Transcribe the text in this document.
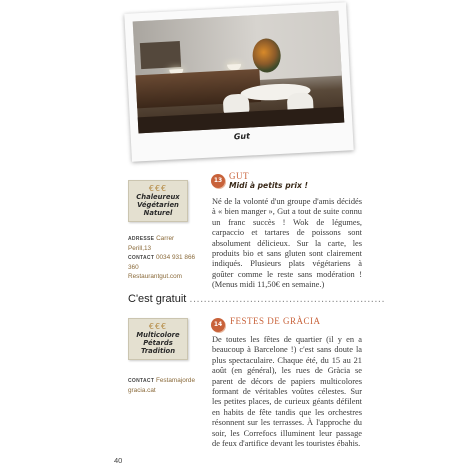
Gut
€€€
Chaleureux
Végétarien
Naturel
ADRESSE Carrer Perill,13
CONTACT 0034 931 866 360
Restaurantgut.com
13 GUT
Midi à petits prix !
Né de la volonté d'un groupe d'amis décidés à « bien manger », Gut a tout de suite connu un franc succès ! Wok de légumes, carpaccio et tartares de poissons sont absolument délicieux. Sur la carte, les produits bio et sans gluten sont clairement indiqués. Plusieurs plats végétariens à goûter comme le reste sans modération ! (Menus midi 11,50€ en semaine.)
C'est gratuit .......................................................
€€€
Multicolore
Pétards
Tradition
CONTACT Festamajordegracia.cat
14 FESTES DE GRÀCIA
De toutes les fêtes de quartier (il y en a beaucoup à Barcelone !) c'est sans doute la plus spectaculaire. Chaque été, du 15 au 21 août (en général), les rues de Gràcia se parent de décors de papiers multicolores formant de véritables voûtes célestes. Sur les petites places, de curieux géants défilent en habits de fête tandis que les orchestres résonnent sur les terrasses. À l'approche du soir, les Correfocs illuminent leur passage de feux d'artifice devant les touristes ébahis.
40
